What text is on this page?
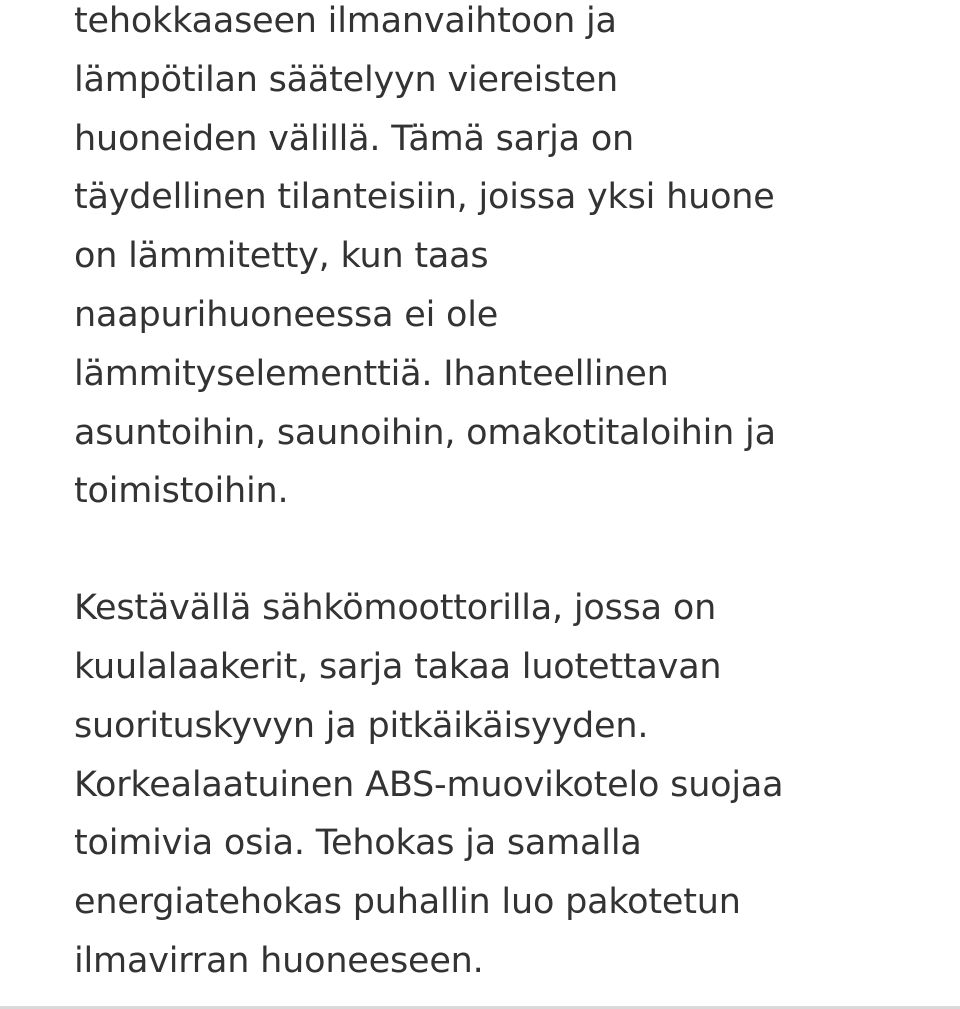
tehokkaaseen ilmanvaihtoon ja
lämpötilan säätelyyn viereisten
huoneiden välillä. Tämä sarja on
täydellinen tilanteisiin, joissa yksi huone
on lämmitetty, kun taas
naapurihuoneessa ei ole
lämmityselementtiä. Ihanteellinen
asuntoihin, saunoihin, omakotitaloihin ja
toimistoihin.

Kestävällä sähkömoottorilla, jossa on
kuulalaakerit, sarja takaa luotettavan
suorituskyvyn ja pitkäikäisyyden.
Korkealaatuinen ABS-muovikotelo suojaa
toimivia osia. Tehokas ja samalla
energiatehokas puhallin luo pakotetun
ilmavirran huoneeseen.
